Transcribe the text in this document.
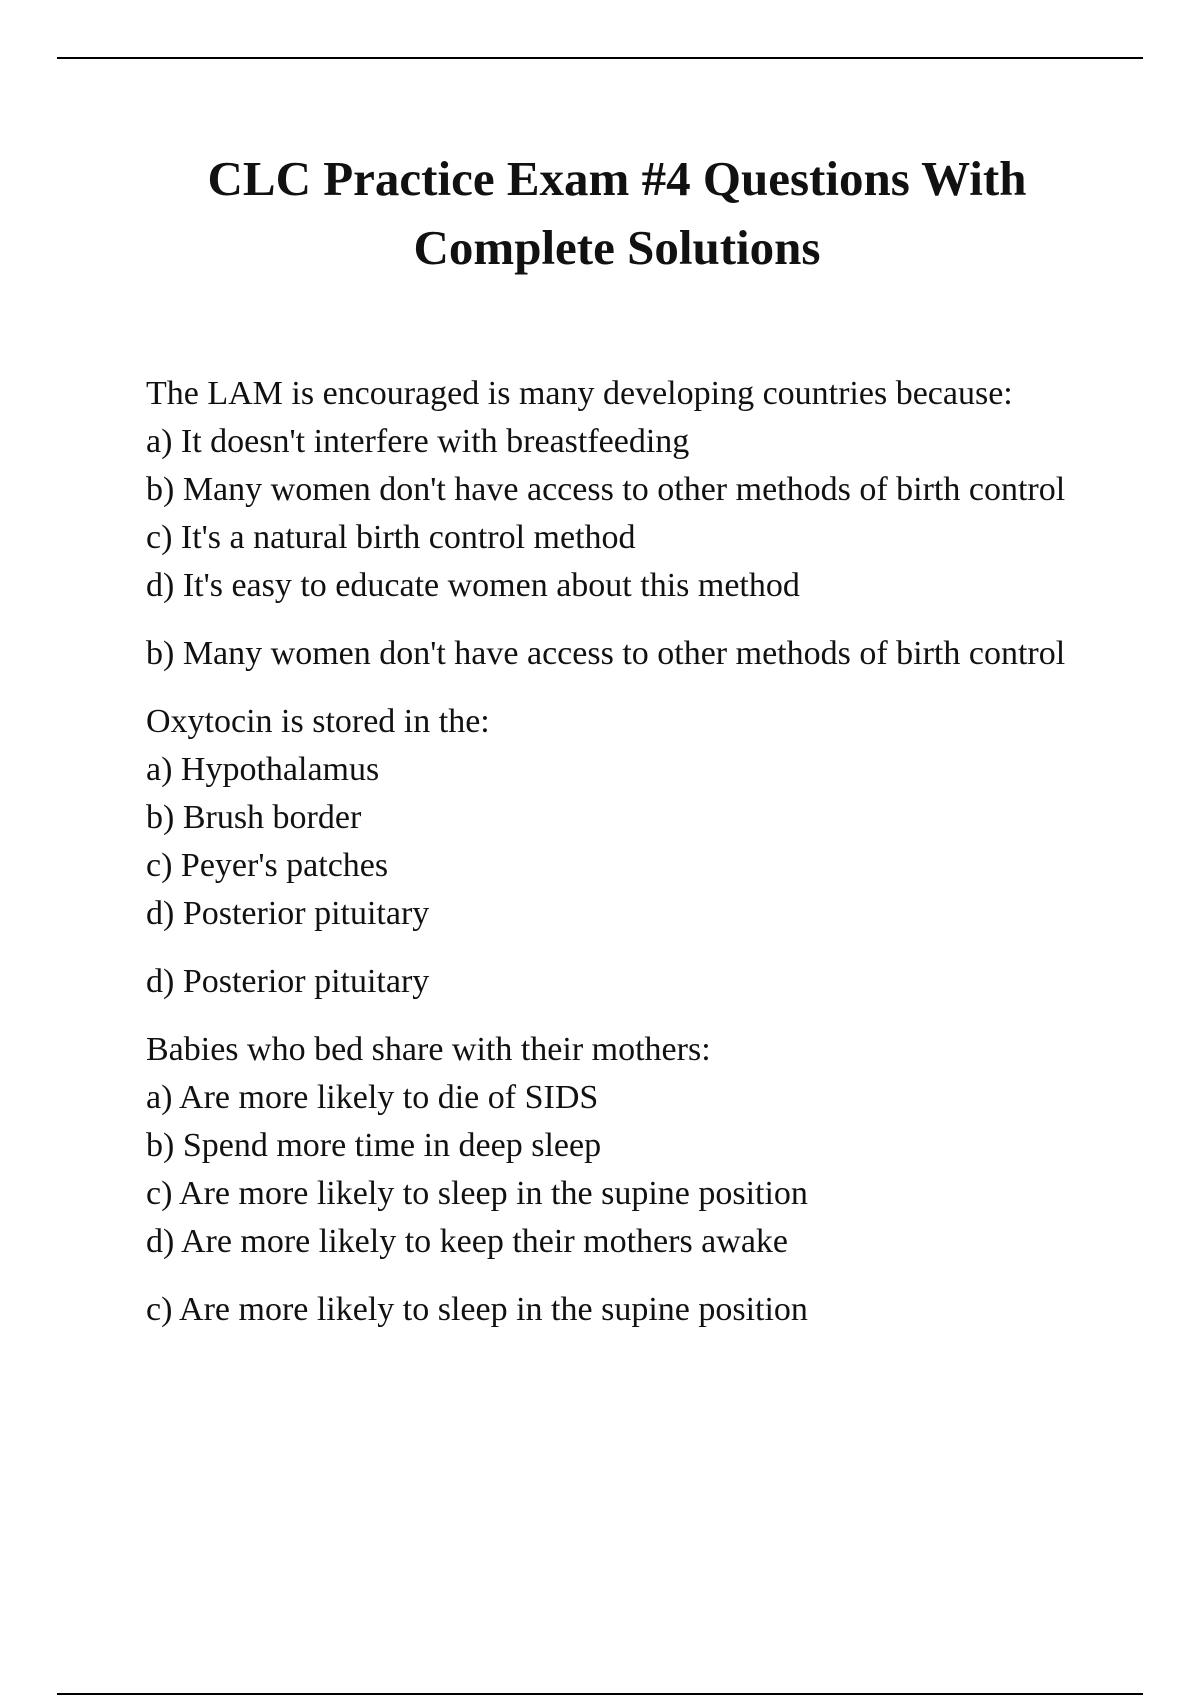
CLC Practice Exam #4 Questions With
Complete Solutions

The LAM is encouraged is many developing countries because:

a) It doesn't interfere with breastfeeding

b) Many women don't have access to other methods of birth control

c) It's a natural birth control method

d) It's easy to educate women about this method

b) Many women don't have access to other methods of birth control

Oxytocin is stored in the:

a) Hypothalamus

b) Brush border

c) Peyer's patches

d) Posterior pituitary

d) Posterior pituitary

Babies who bed share with their mothers:

a) Are more likely to die of SIDS

b) Spend more time in deep sleep

c) Are more likely to sleep in the supine position

d) Are more likely to keep their mothers awake

c) Are more likely to sleep in the supine position
